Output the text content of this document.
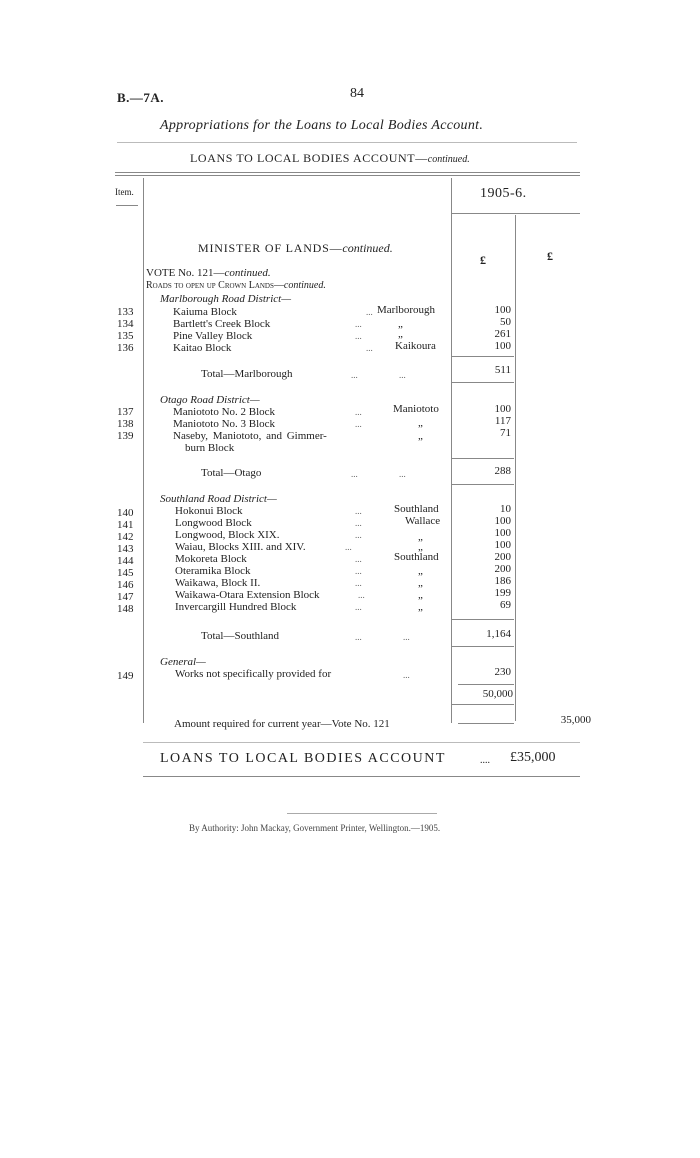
B.—7A.	84
Appropriations for the Loans to Local Bodies Account.
LOANS TO LOCAL BODIES ACCOUNT—continued.
Item.	1905-6.
£	£
MINISTER OF LANDS—continued.
VOTE No. 121—continued.
Roads to open up Crown Lands—continued.
Marlborough Road District—
133	Kaiuma Block	... Marlborough	100
134	Bartlett's Creek Block	...	„	50
135	Pine Valley Block	...	„	261
136	Kaitao Block	... Kaikoura	100
Total—Marlborough	...	...	511
Otago Road District—
137	Maniototo No. 2 Block	...	Maniototo	100
138	Maniototo No. 3 Block	...	„	117
139	Naseby, Maniototo, and Gimmer-	„	71
burn Block
Total—Otago	...	...	288
Southland Road District—
140	Hokonui Block	...	Southland	10
141	Longwood Block	...	Wallace	100
142	Longwood, Block XIX.	...	„	100
143	Waiau, Blocks XIII. and XIV.	...	„	100
144	Mokoreta Block	...	Southland	200
145	Oteramika Block	...	„	200
146	Waikawa, Block II.	...	„	186
147	Waikawa-Otara Extension Block	...	„	199
148	Invercargill Hundred Block	...	„	69
Total—Southland	...	...	1,164
General—
149	Works not specifically provided for	...	230
50,000
Amount required for current year—Vote No. 121	35,000
LOANS TO LOCAL BODIES ACCOUNT	.... £35,000
By Authority: John Mackay, Government Printer, Wellington.—1905.
